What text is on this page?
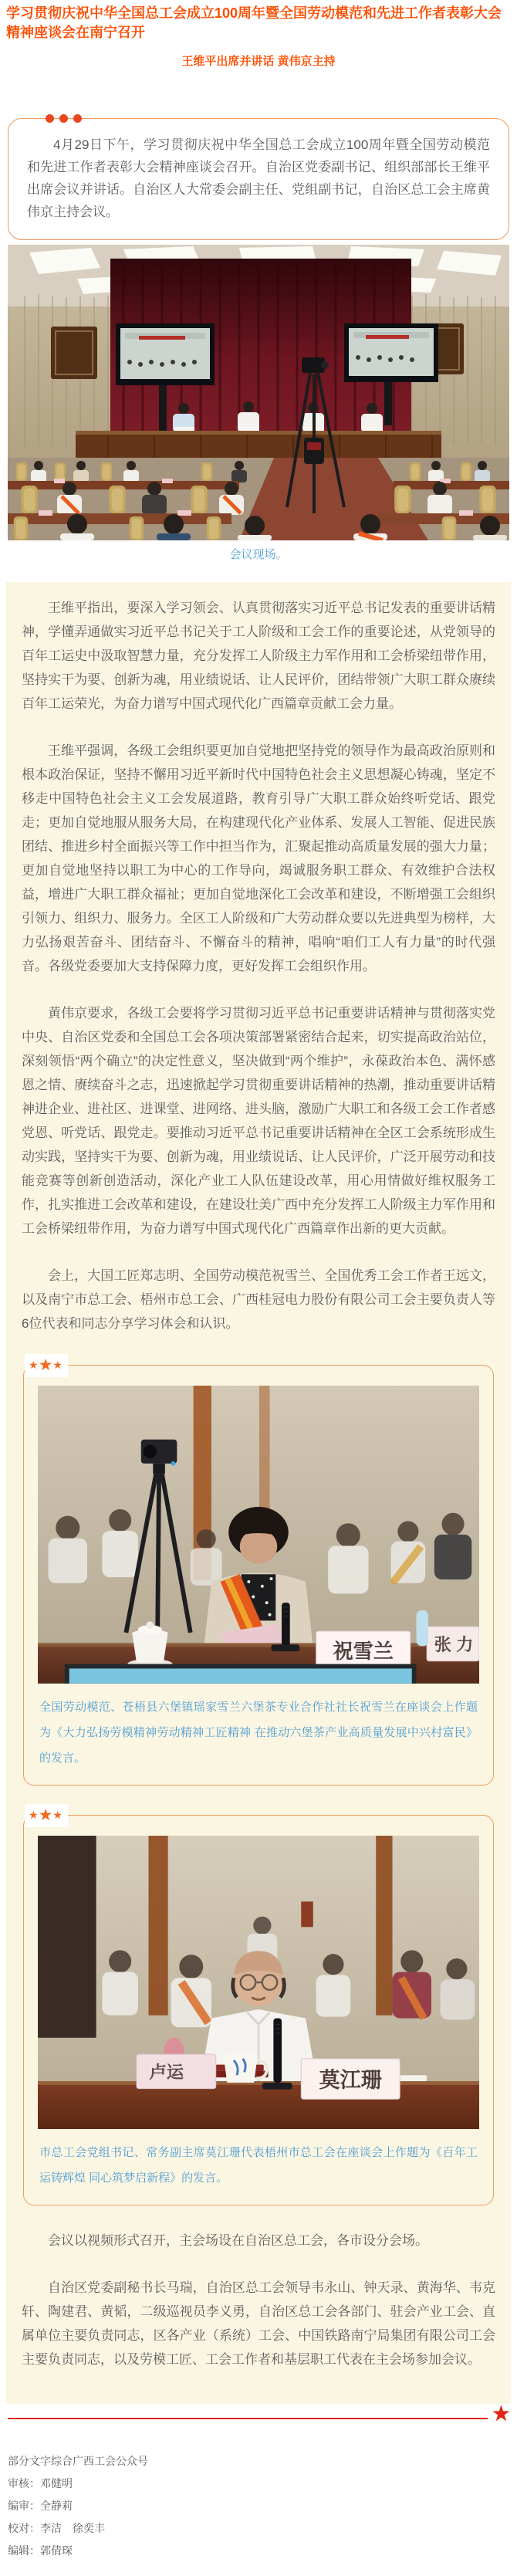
学习贯彻庆祝中华全国总工会成立100周年暨全国劳动模范和先进工作者表彰大会精神座谈会在南宁召开

王维平出席并讲话 黄伟京主持

4月29日下午，学习贯彻庆祝中华全国总工会成立100周年暨全国劳动模范和先进工作者表彰大会精神座谈会召开。自治区党委副书记、组织部部长王维平出席会议并讲话。自治区人大常委会副主任、党组副书记，自治区总工会主席黄伟京主持会议。

会议现场。

王维平指出，要深入学习领会、认真贯彻落实习近平总书记发表的重要讲话精神，学懂弄通做实习近平总书记关于工人阶级和工会工作的重要论述，从党领导的百年工运史中汲取智慧力量，充分发挥工人阶级主力军作用和工会桥梁纽带作用，坚持实干为要、创新为魂，用业绩说话、让人民评价，团结带领广大职工群众赓续百年工运荣光，为奋力谱写中国式现代化广西篇章贡献工会力量。

王维平强调，各级工会组织要更加自觉地把坚持党的领导作为最高政治原则和根本政治保证，坚持不懈用习近平新时代中国特色社会主义思想凝心铸魂，坚定不移走中国特色社会主义工会发展道路，教育引导广大职工群众始终听党话、跟党走；更加自觉地服从服务大局，在构建现代化产业体系、发展人工智能、促进民族团结、推进乡村全面振兴等工作中担当作为，汇聚起推动高质量发展的强大力量；更加自觉地坚持以职工为中心的工作导向，竭诚服务职工群众、有效维护合法权益，增进广大职工群众福祉；更加自觉地深化工会改革和建设，不断增强工会组织引领力、组织力、服务力。全区工人阶级和广大劳动群众要以先进典型为榜样，大力弘扬艰苦奋斗、团结奋斗、不懈奋斗的精神，唱响“咱们工人有力量”的时代强音。各级党委要加大支持保障力度，更好发挥工会组织作用。

黄伟京要求，各级工会要将学习贯彻习近平总书记重要讲话精神与贯彻落实党中央、自治区党委和全国总工会各项决策部署紧密结合起来，切实提高政治站位，深刻领悟“两个确立”的决定性意义，坚决做到“两个维护”，永葆政治本色、满怀感恩之情、赓续奋斗之志，迅速掀起学习贯彻重要讲话精神的热潮，推动重要讲话精神进企业、进社区、进课堂、进网络、进头脑，激励广大职工和各级工会工作者感党恩、听党话、跟党走。要推动习近平总书记重要讲话精神在全区工会系统形成生动实践，坚持实干为要、创新为魂，用业绩说话、让人民评价，广泛开展劳动和技能竞赛等创新创造活动，深化产业工人队伍建设改革，用心用情做好维权服务工作，扎实推进工会改革和建设，在建设壮美广西中充分发挥工人阶级主力军作用和工会桥梁纽带作用，为奋力谱写中国式现代化广西篇章作出新的更大贡献。

会上，大国工匠郑志明、全国劳动模范祝雪兰、全国优秀工会工作者王远文，以及南宁市总工会、梧州市总工会、广西桂冠电力股份有限公司工会主要负责人等6位代表和同志分享学习体会和认识。

★★★
祝雪兰 张 力

全国劳动模范、苍梧县六堡镇瑶家雪兰六堡茶专业合作社社长祝雪兰在座谈会上作题为《大力弘扬劳模精神劳动精神工匠精神 在推动六堡茶产业高质量发展中兴村富民》的发言。

★★★
莫江珊
卢运

市总工会党组书记、常务副主席莫江珊代表梧州市总工会在座谈会上作题为《百年工运铸辉煌 同心筑梦启新程》的发言。

会议以视频形式召开，主会场设在自治区总工会，各市设分会场。

自治区党委副秘书长马瑞，自治区总工会领导韦永山、钟天录、黄海华、韦克轩、陶建君、黄韬，二级巡视员李义勇，自治区总工会各部门、驻会产业工会、直属单位主要负责同志，区各产业（系统）工会、中国铁路南宁局集团有限公司工会主要负责同志，以及劳模工匠、工会工作者和基层职工代表在主会场参加会议。

★

部分文字综合广西工会公众号

审核：邓健明

编审：全静莉

校对：李洁　徐奕丰

编辑：郭倩琛
